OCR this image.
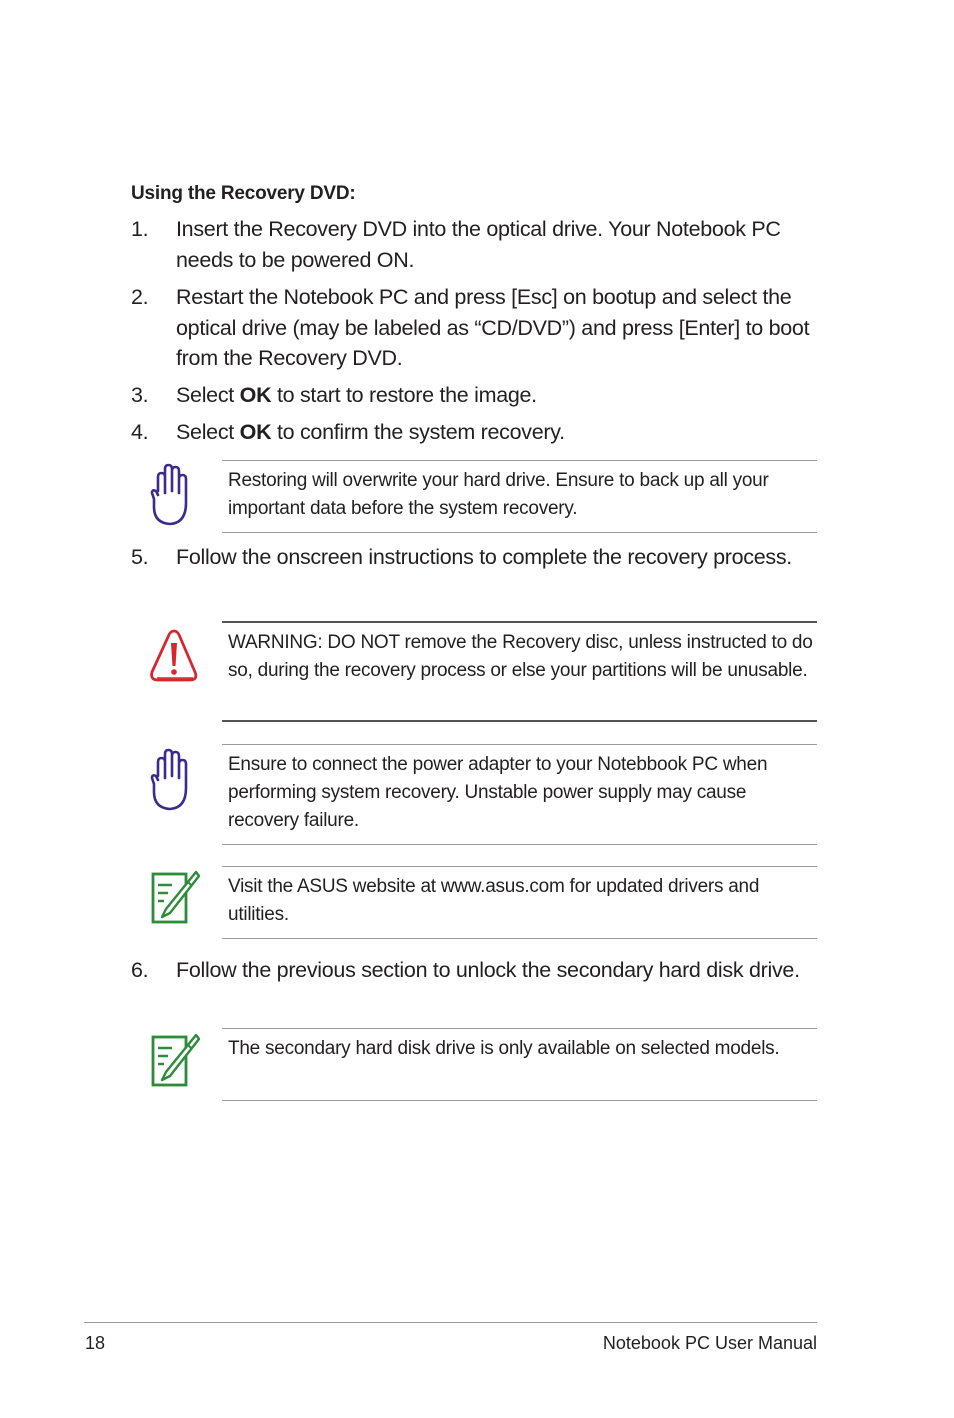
Using the Recovery DVD:
1. Insert the Recovery DVD into the optical drive. Your Notebook PC needs to be powered ON.
2. Restart the Notebook PC and press [Esc] on bootup and select the optical drive (may be labeled as “CD/DVD”) and press [Enter] to boot from the Recovery DVD.
3. Select OK to start to restore the image.
4. Select OK to confirm the system recovery.
Restoring will overwrite your hard drive. Ensure to back up all your important data before the system recovery.
5. Follow the onscreen instructions to complete the recovery process.
WARNING: DO NOT remove the Recovery disc, unless instructed to do so, during the recovery process or else your partitions will be unusable.
Ensure to connect the power adapter to your Notebbook PC when performing system recovery. Unstable power supply may cause recovery failure.
Visit the ASUS website at www.asus.com for updated drivers and utilities.
6. Follow the previous section to unlock the secondary hard disk drive.
The secondary hard disk drive is only available on selected models.
18	Notebook PC User Manual
